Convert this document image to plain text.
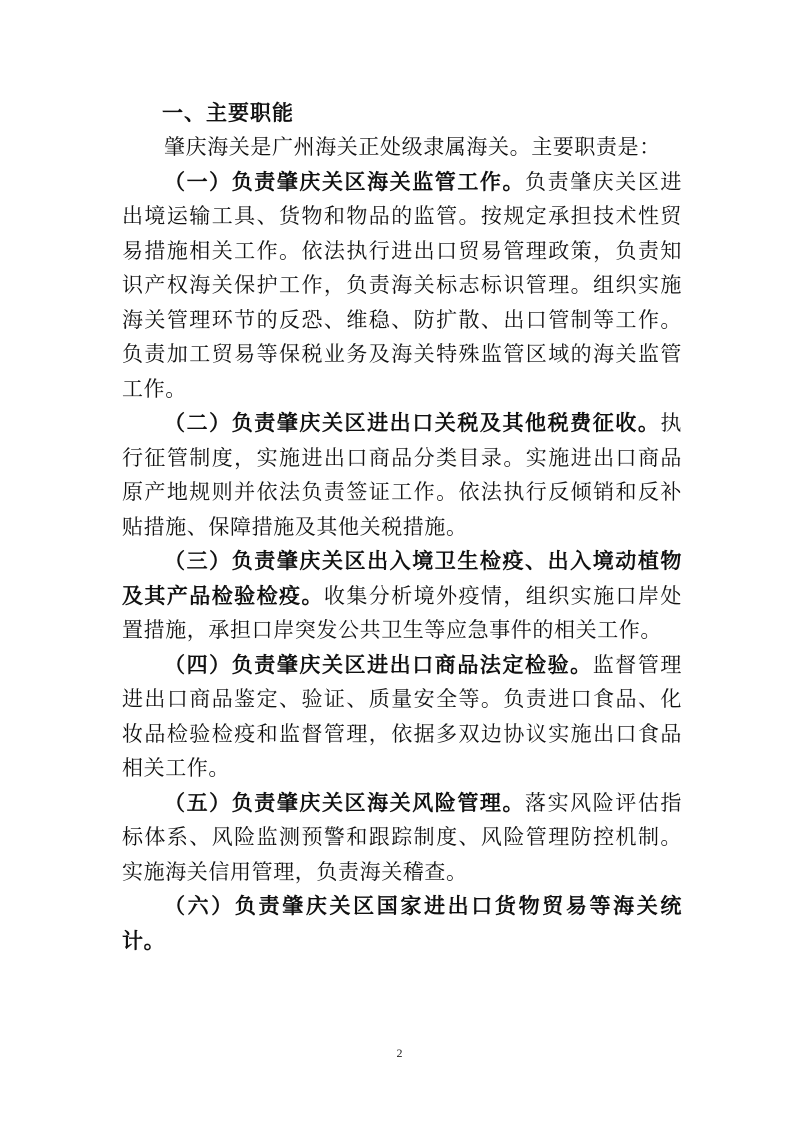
一、主要职能

肇庆海关是广州海关正处级隶属海关。主要职责是：

（一）负责肇庆关区海关监管工作。负责肇庆关区进出境运输工具、货物和物品的监管。按规定承担技术性贸易措施相关工作。依法执行进出口贸易管理政策，负责知识产权海关保护工作，负责海关标志标识管理。组织实施海关管理环节的反恐、维稳、防扩散、出口管制等工作。负责加工贸易等保税业务及海关特殊监管区域的海关监管工作。

（二）负责肇庆关区进出口关税及其他税费征收。执行征管制度，实施进出口商品分类目录。实施进出口商品原产地规则并依法负责签证工作。依法执行反倾销和反补贴措施、保障措施及其他关税措施。

（三）负责肇庆关区出入境卫生检疫、出入境动植物及其产品检验检疫。收集分析境外疫情，组织实施口岸处置措施，承担口岸突发公共卫生等应急事件的相关工作。

（四）负责肇庆关区进出口商品法定检验。监督管理进出口商品鉴定、验证、质量安全等。负责进口食品、化妆品检验检疫和监督管理，依据多双边协议实施出口食品相关工作。

（五）负责肇庆关区海关风险管理。落实风险评估指标体系、风险监测预警和跟踪制度、风险管理防控机制。实施海关信用管理，负责海关稽查。

（六）负责肇庆关区国家进出口货物贸易等海关统计。

2
